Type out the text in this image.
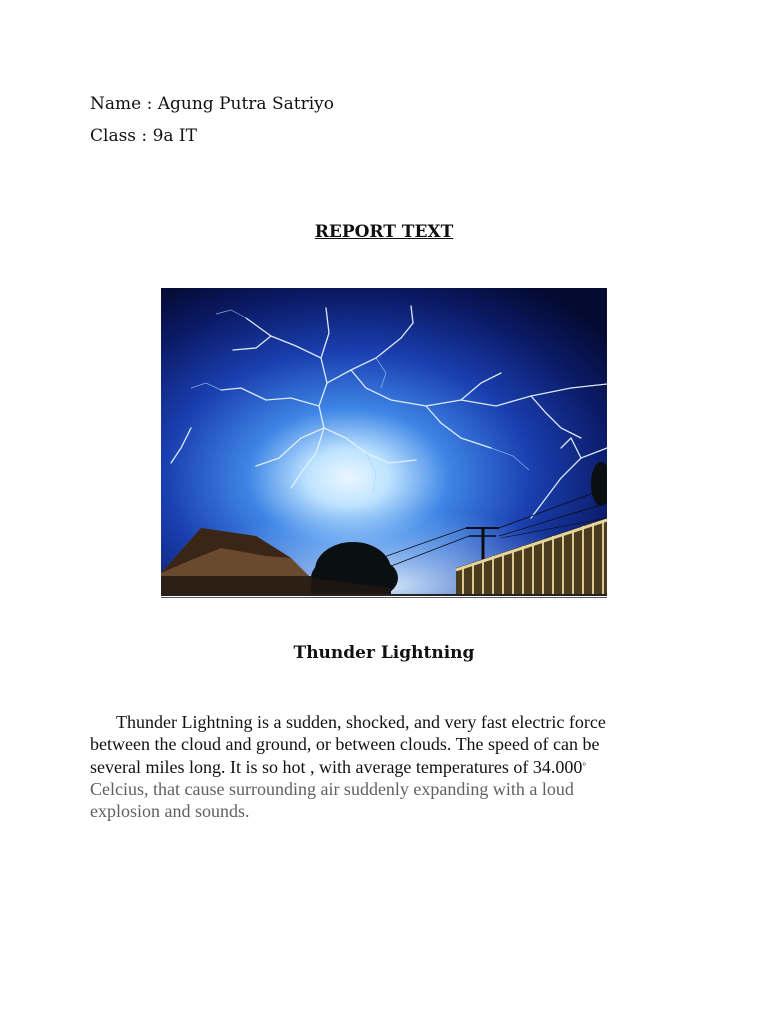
Name : Agung Putra Satriyo
Class : 9a IT
REPORT TEXT
Thunder Lightning
Thunder Lightning is a sudden, shocked, and very fast electric force
between the cloud and ground, or between clouds. The speed of can be
several miles long. It is so hot , with average temperatures of 34.000°
Celcius, that cause surrounding air suddenly expanding with a loud
explosion and sounds.
